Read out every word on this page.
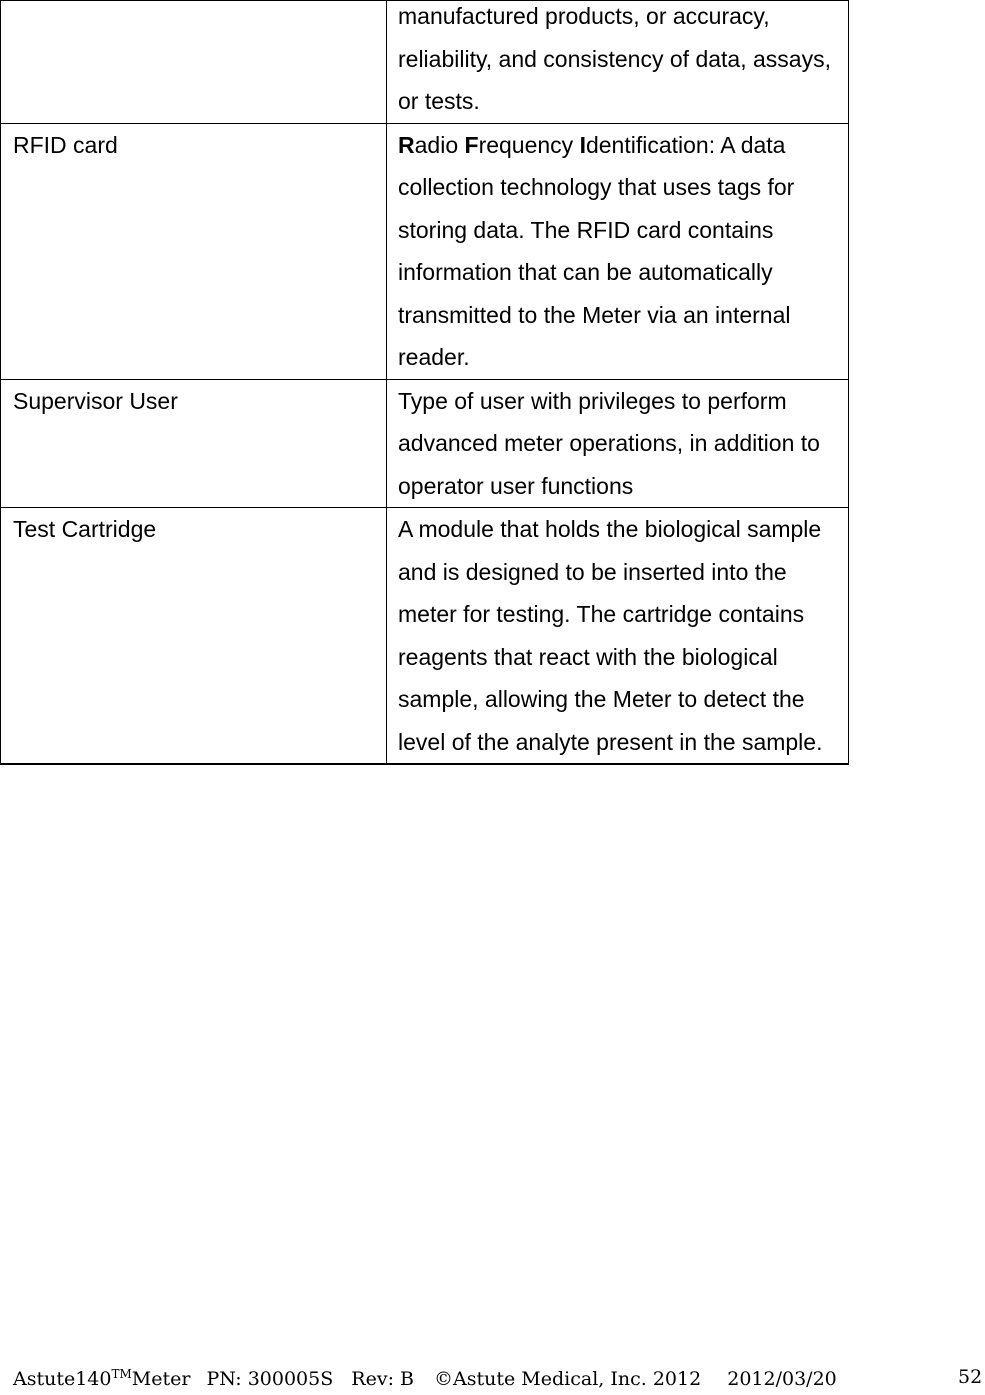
	manufactured products, or accuracy, reliability, and consistency of data, assays, or tests.

RFID card	Radio Frequency Identification: A data collection technology that uses tags for storing data. The RFID card contains information that can be automatically transmitted to the Meter via an internal reader.
Supervisor User	Type of user with privileges to perform advanced meter operations, in addition to operator user functions
Test Cartridge	A module that holds the biological sample and is designed to be inserted into the meter for testing. The cartridge contains reagents that react with the biological sample, allowing the Meter to detect the level of the analyte present in the sample.
Astute140™Meter PN: 300005S Rev: B ©Astute Medical, Inc. 2012 2012/03/20	52
